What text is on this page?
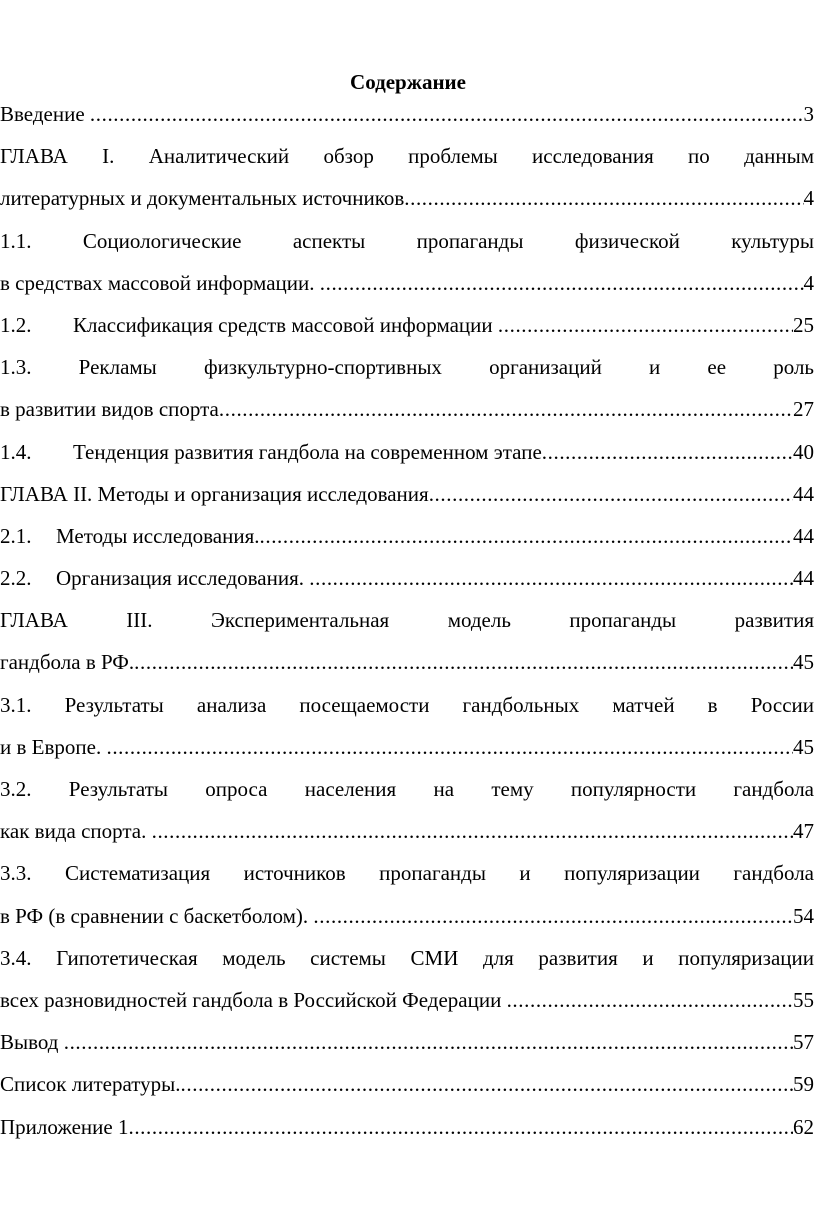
Содержание
Введение .....	3
ГЛАВА I. Аналитический обзор проблемы исследования по данным
литературных и документальных источников .....	4
1.1. Социологические аспекты пропаганды физической культуры
в средствах массовой информации. .....	4
1.2. Классификация средств массовой информации .....	25
1.3. Рекламы физкультурно-спортивных организаций и ее роль
в развитии видов спорта .....	27
1.4. Тенденция развития гандбола на современном этапе .....	40
ГЛАВА II. Методы и организация исследования .....	44
2.1. Методы исследования. .....	44
2.2. Организация исследования. .....	44
ГЛАВА III. Экспериментальная модель пропаганды развития
гандбола в РФ. .....	45
3.1. Результаты анализа посещаемости гандбольных матчей в России
и в Европе. .....	45
3.2. Результаты опроса населения на тему популярности гандбола
как вида спорта. .....	47
3.3. Систематизация источников пропаганды и популяризации гандбола
в РФ (в сравнении с баскетболом). .....	54
3.4. Гипотетическая модель системы СМИ для развития и популяризации
всех разновидностей гандбола в Российской Федерации .....	55
Вывод .....	57
Список литературы. .....	59
Приложение 1 .....	62
